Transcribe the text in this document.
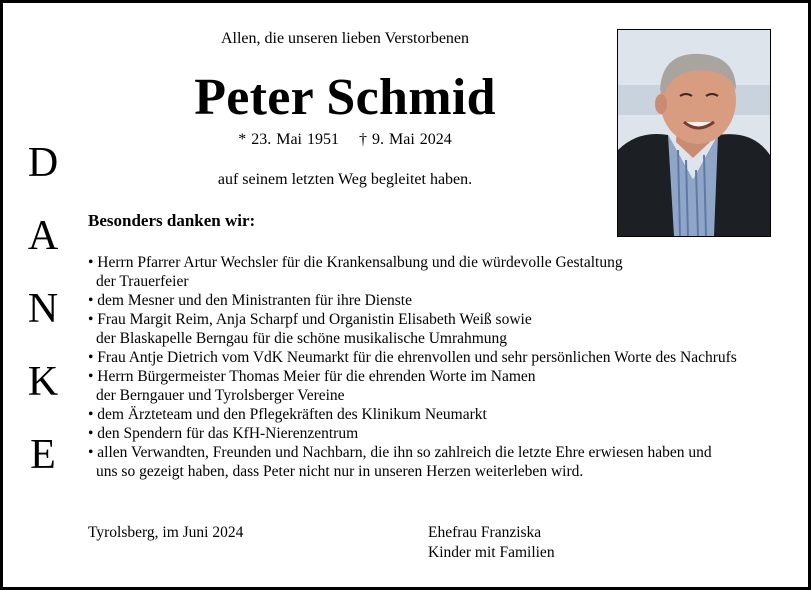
Allen, die unseren lieben Verstorbenen
Peter Schmid
* 23. Mai 1951 † 9. Mai 2024
auf seinem letzten Weg begleitet haben.
D
A
N
K
E
Besonders danken wir:
• Herrn Pfarrer Artur Wechsler für die Krankensalbung und die würdevolle Gestaltung
der Trauerfeier
• dem Mesner und den Ministranten für ihre Dienste
• Frau Margit Reim, Anja Scharpf und Organistin Elisabeth Weiß sowie
der Blaskapelle Berngau für die schöne musikalische Umrahmung
• Frau Antje Dietrich vom VdK Neumarkt für die ehrenvollen und sehr persönlichen Worte des Nachrufs
• Herrn Bürgermeister Thomas Meier für die ehrenden Worte im Namen
der Berngauer und Tyrolsberger Vereine
• dem Ärzteteam und den Pflegekräften des Klinikum Neumarkt
• den Spendern für das KfH-Nierenzentrum
• allen Verwandten, Freunden und Nachbarn, die ihn so zahlreich die letzte Ehre erwiesen haben und
uns so gezeigt haben, dass Peter nicht nur in unseren Herzen weiterleben wird.
Tyrolsberg, im Juni 2024	Ehefrau Franziska
Kinder mit Familien
